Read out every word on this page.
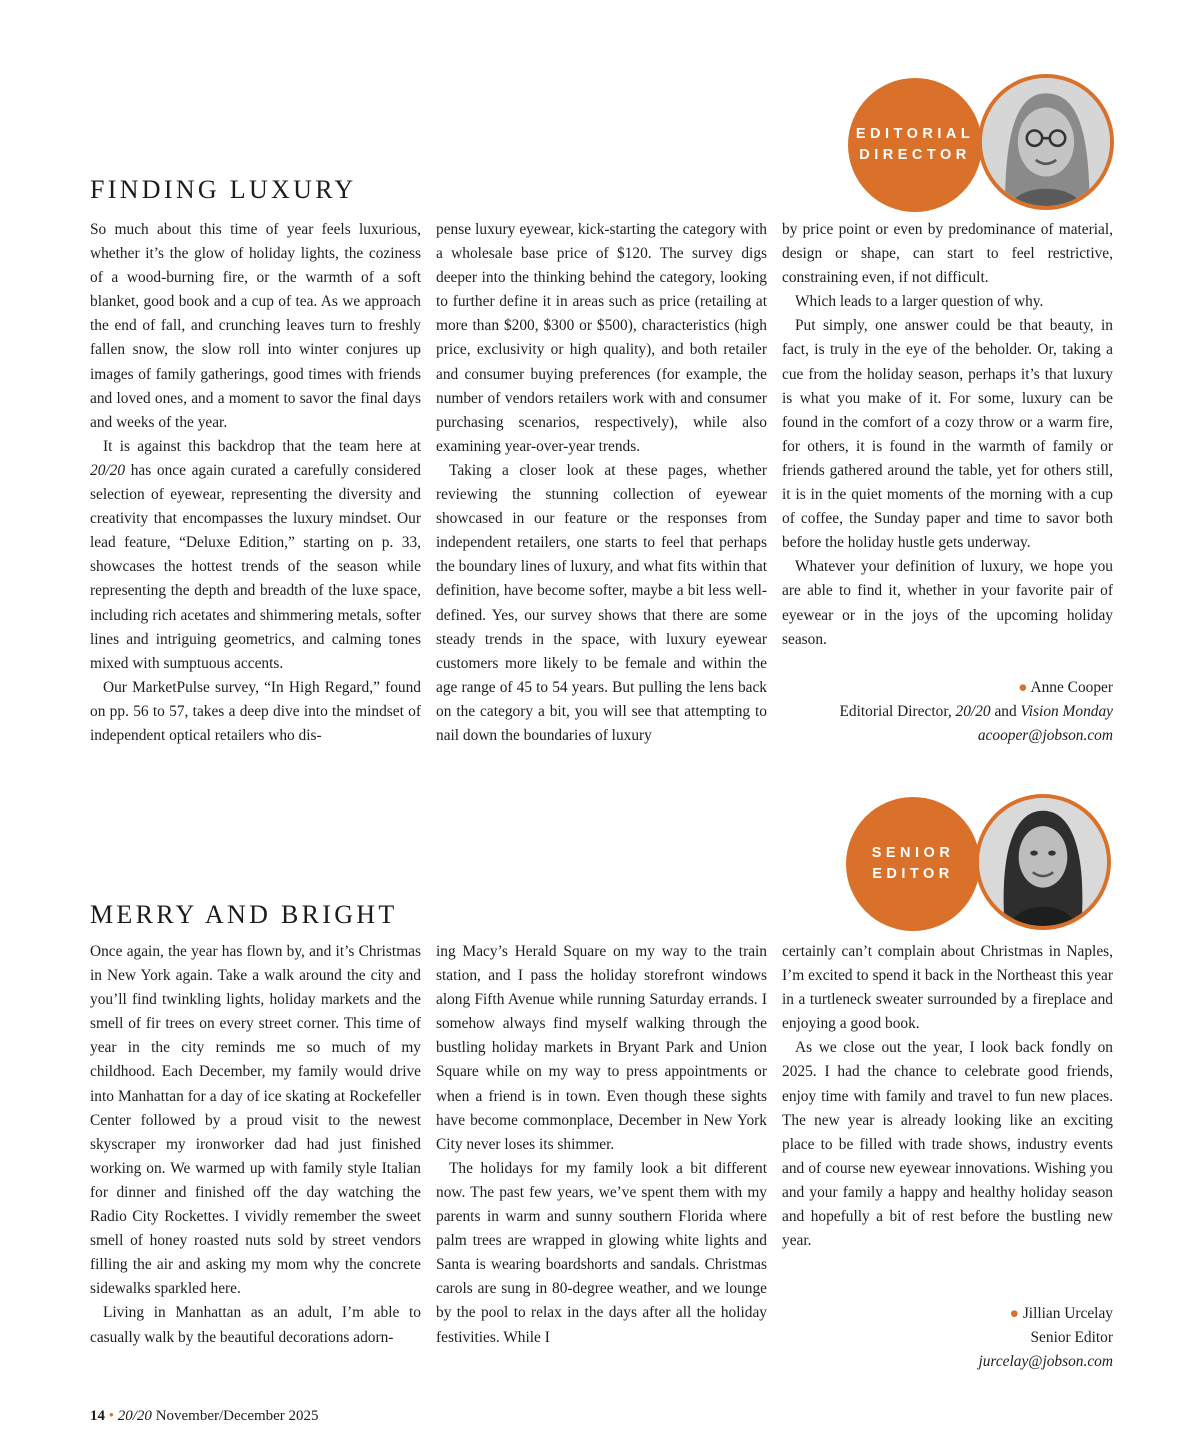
EDITORIAL
DIRECTOR
FINDING LUXURY

So much about this time of year feels luxurious, whether it’s the glow of holiday lights, the coziness of a wood-burning fire, or the warmth of a soft blanket, good book and a cup of tea. As we approach the end of fall, and crunching leaves turn to freshly fallen snow, the slow roll into winter conjures up images of family gatherings, good times with friends and loved ones, and a moment to savor the final days and weeks of the year.

It is against this backdrop that the team here at 20/20 has once again curated a carefully considered selection of eyewear, representing the diversity and creativity that encompasses the luxury mindset. Our lead feature, “Deluxe Edition,” starting on p. 33, showcases the hottest trends of the season while representing the depth and breadth of the luxe space, including rich acetates and shimmering metals, softer lines and intriguing geometrics, and calming tones mixed with sumptuous accents.

Our MarketPulse survey, “In High Regard,” found on pp. 56 to 57, takes a deep dive into the mindset of independent optical retailers who dis-

pense luxury eyewear, kick-starting the category with a wholesale base price of $120. The survey digs deeper into the thinking behind the category, looking to further define it in areas such as price (retailing at more than $200, $300 or $500), characteristics (high price, exclusivity or high quality), and both retailer and consumer buying preferences (for example, the number of vendors retailers work with and consumer purchasing scenarios, respectively), while also examining year-over-year trends.

Taking a closer look at these pages, whether reviewing the stunning collection of eyewear showcased in our feature or the responses from independent retailers, one starts to feel that perhaps the boundary lines of luxury, and what fits within that definition, have become softer, maybe a bit less well-defined. Yes, our survey shows that there are some steady trends in the space, with luxury eyewear customers more likely to be female and within the age range of 45 to 54 years. But pulling the lens back on the category a bit, you will see that attempting to nail down the boundaries of luxury

by price point or even by predominance of material, design or shape, can start to feel restrictive, constraining even, if not difficult.

Which leads to a larger question of why.

Put simply, one answer could be that beauty, in fact, is truly in the eye of the beholder. Or, taking a cue from the holiday season, perhaps it’s that luxury is what you make of it. For some, luxury can be found in the comfort of a cozy throw or a warm fire, for others, it is found in the warmth of family or friends gathered around the table, yet for others still, it is in the quiet moments of the morning with a cup of coffee, the Sunday paper and time to savor both before the holiday hustle gets underway.

Whatever your definition of luxury, we hope you are able to find it, whether in your favorite pair of eyewear or in the joys of the upcoming holiday season.

● Anne Cooper
Editorial Director, 20/20 and Vision Monday
acooper@jobson.com
SENIOR
EDITOR
MERRY AND BRIGHT

Once again, the year has flown by, and it’s Christmas in New York again. Take a walk around the city and you’ll find twinkling lights, holiday markets and the smell of fir trees on every street corner. This time of year in the city reminds me so much of my childhood. Each December, my family would drive into Manhattan for a day of ice skating at Rockefeller Center followed by a proud visit to the newest skyscraper my ironworker dad had just finished working on. We warmed up with family style Italian for dinner and finished off the day watching the Radio City Rockettes. I vividly remember the sweet smell of honey roasted nuts sold by street vendors filling the air and asking my mom why the concrete sidewalks sparkled here.

Living in Manhattan as an adult, I’m able to casually walk by the beautiful decorations adorn-

ing Macy’s Herald Square on my way to the train station, and I pass the holiday storefront windows along Fifth Avenue while running Saturday errands. I somehow always find myself walking through the bustling holiday markets in Bryant Park and Union Square while on my way to press appointments or when a friend is in town. Even though these sights have become commonplace, December in New York City never loses its shimmer.

The holidays for my family look a bit different now. The past few years, we’ve spent them with my parents in warm and sunny southern Florida where palm trees are wrapped in glowing white lights and Santa is wearing boardshorts and sandals. Christmas carols are sung in 80-degree weather, and we lounge by the pool to relax in the days after all the holiday festivities. While I

certainly can’t complain about Christmas in Naples, I’m excited to spend it back in the Northeast this year in a turtleneck sweater surrounded by a fireplace and enjoying a good book.

As we close out the year, I look back fondly on 2025. I had the chance to celebrate good friends, enjoy time with family and travel to fun new places. The new year is already looking like an exciting place to be filled with trade shows, industry events and of course new eyewear innovations. Wishing you and your family a happy and healthy holiday season and hopefully a bit of rest before the bustling new year.

● Jillian Urcelay
Senior Editor
jurcelay@jobson.com
14 • 20/20 November/December 2025
